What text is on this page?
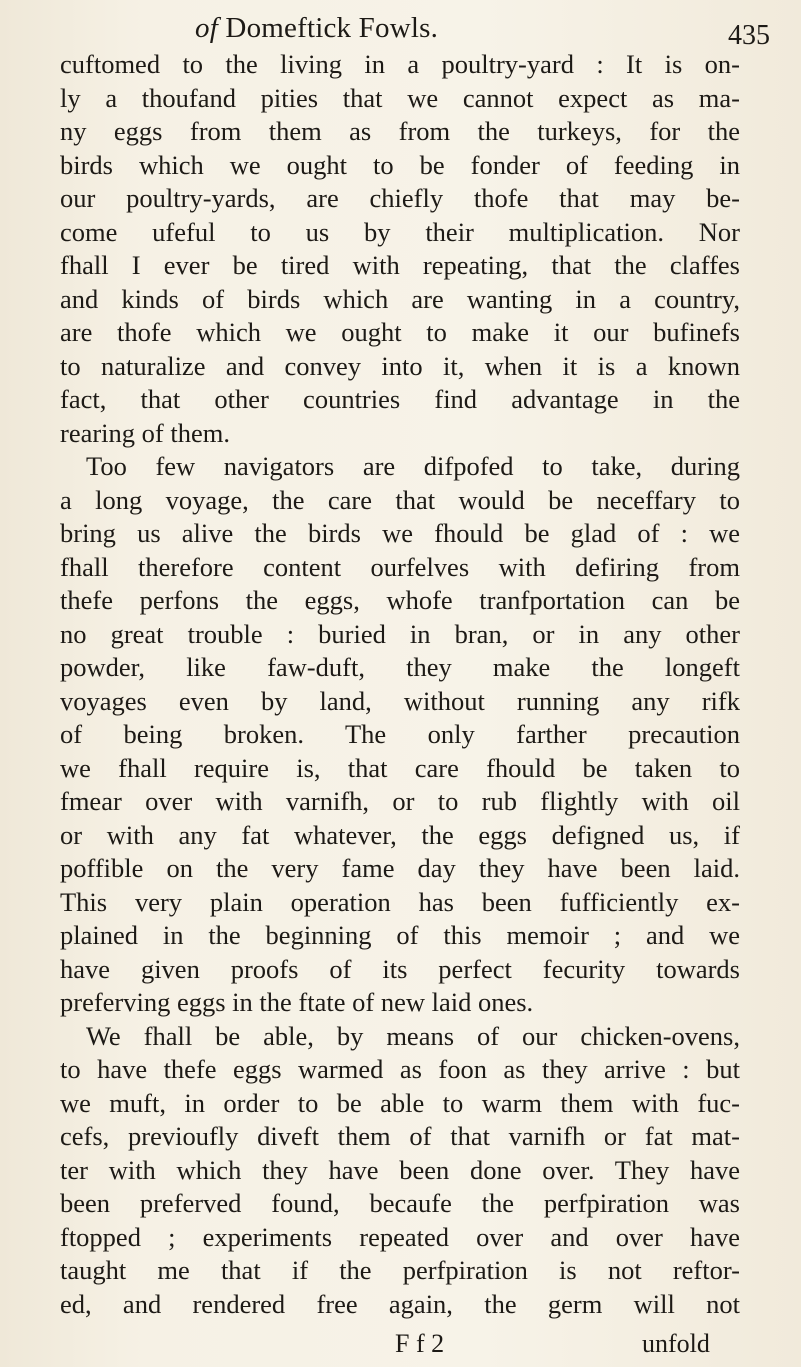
of Domeftick Fowls.	435
cuftomed to the living in a poultry-yard : It is on-
ly a thoufand pities that we cannot expect as ma-
ny eggs from them as from the turkeys, for the
birds which we ought to be fonder of feeding in
our poultry-yards, are chiefly thofe that may be-
come ufeful to us by their multiplication. Nor
fhall I ever be tired with repeating, that the claffes
and kinds of birds which are wanting in a country,
are thofe which we ought to make it our bufinefs
to naturalize and convey into it, when it is a known
fact, that other countries find advantage in the
rearing of them.
Too few navigators are difpofed to take, during
a long voyage, the care that would be neceffary to
bring us alive the birds we fhould be glad of : we
fhall therefore content ourfelves with defiring from
thefe perfons the eggs, whofe tranfportation can be
no great trouble : buried in bran, or in any other
powder, like faw-duft, they make the longeft
voyages even by land, without running any rifk
of being broken. The only farther precaution
we fhall require is, that care fhould be taken to
fmear over with varnifh, or to rub flightly with oil
or with any fat whatever, the eggs defigned us, if
poffible on the very fame day they have been laid.
This very plain operation has been fufficiently ex-
plained in the beginning of this memoir ; and we
have given proofs of its perfect fecurity towards
preferving eggs in the ftate of new laid ones.
We fhall be able, by means of our chicken-ovens,
to have thefe eggs warmed as foon as they arrive : but
we muft, in order to be able to warm them with fuc-
cefs, previoufly diveft them of that varnifh or fat mat-
ter with which they have been done over. They have
been preferved found, becaufe the perfpiration was
ftopped ; experiments repeated over and over have
taught me that if the perfpiration is not reftor-
ed, and rendered free again, the germ will not
F f 2	unfold
